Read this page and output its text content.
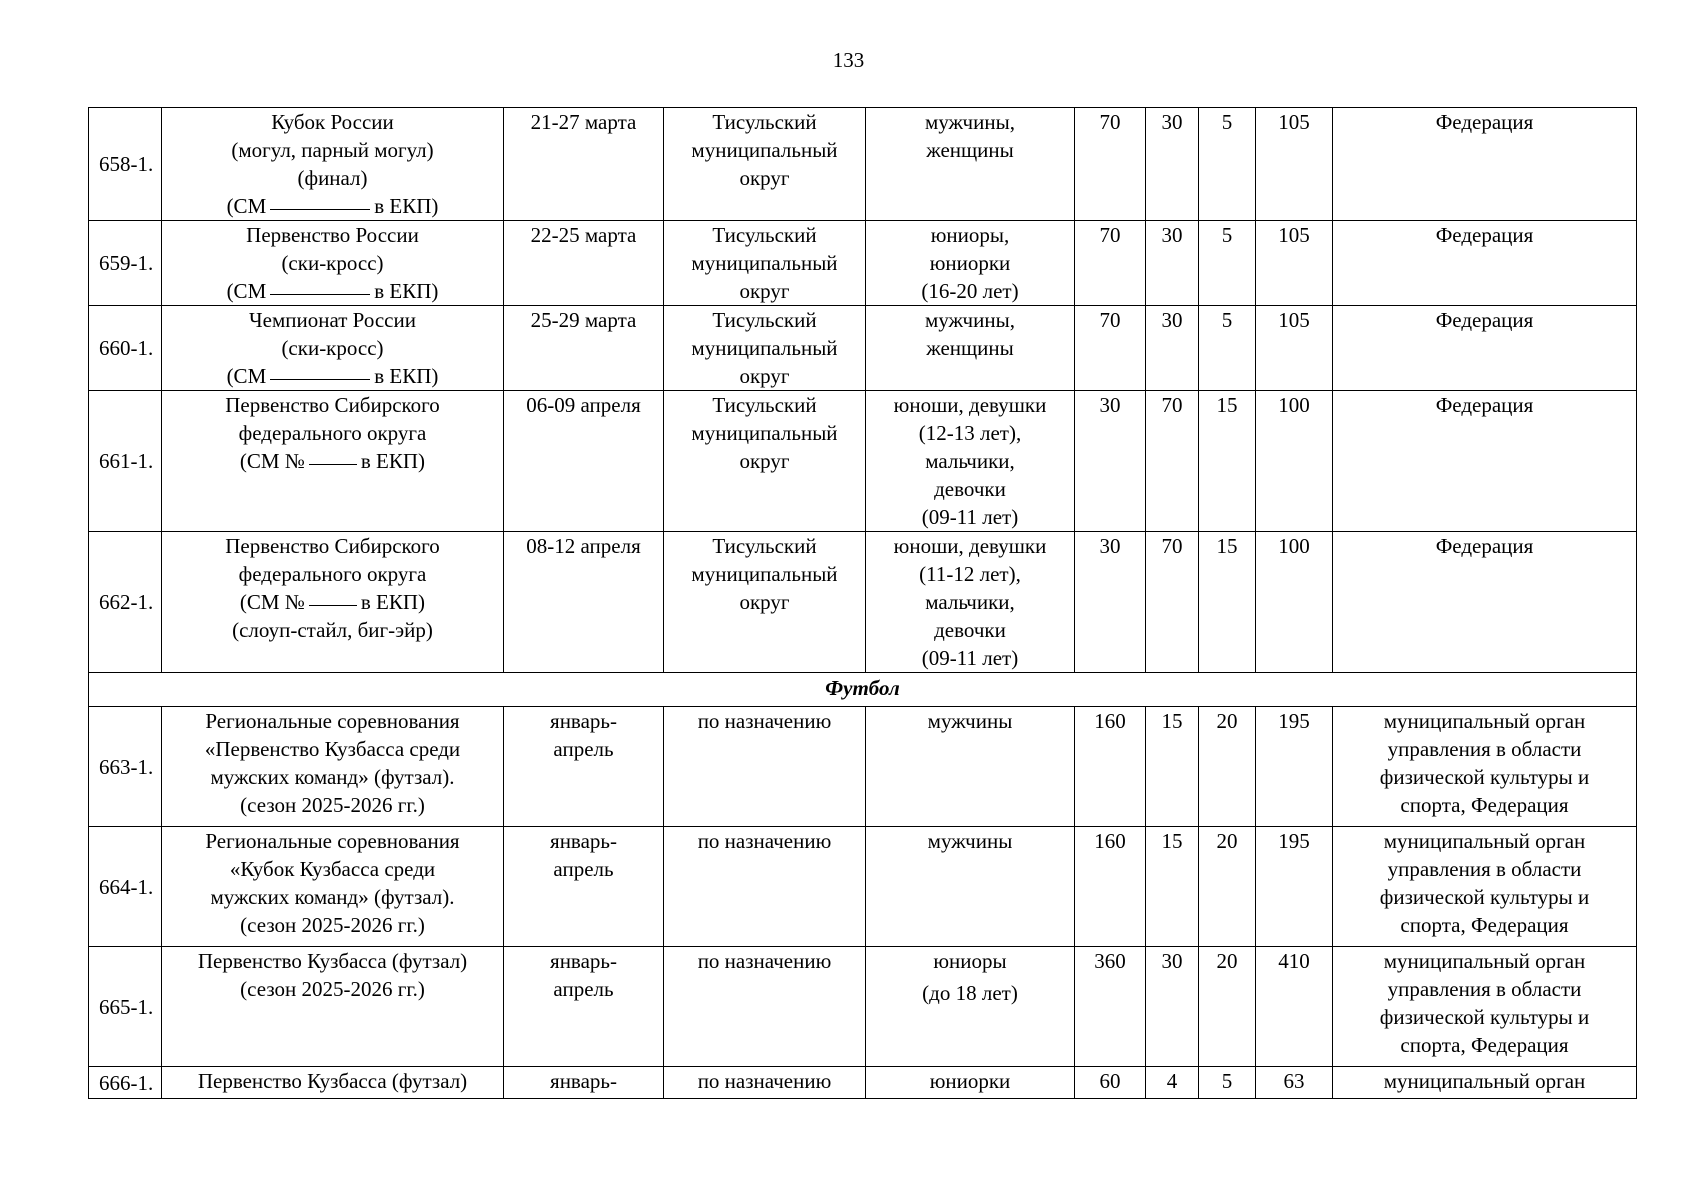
133
658-1.	Кубок России
(могул, парный могул)
(финал)
(СМ в ЕКП)	21-27 марта	Тисульский
муниципальный
округ	мужчины,
женщины	70	30	5	105	Федерация

659-1.	Первенство России
(ски-кросс)
(СМ в ЕКП)	22-25 марта	Тисульский
муниципальный
округ	юниоры,
юниорки
(16-20 лет)	70	30	5	105	Федерация

660-1.	Чемпионат России
(ски-кросс)
(СМ в ЕКП)	25-29 марта	Тисульский
муниципальный
округ	мужчины,
женщины	70	30	5	105	Федерация

661-1.	Первенство Сибирского
федерального округа
(СМ № в ЕКП)	06-09 апреля	Тисульский
муниципальный
округ	юноши, девушки
(12-13 лет),
мальчики,
девочки
(09-11 лет)	30	70	15	100	Федерация

662-1.	Первенство Сибирского
федерального округа
(СМ № в ЕКП)
(слоуп-стайл, биг-эйр)	08-12 апреля	Тисульский
муниципальный
округ	юноши, девушки
(11-12 лет),
мальчики,
девочки
(09-11 лет)	30	70	15	100	Федерация

Футбол									
663-1.	Региональные соревнования
«Первенство Кузбасса среди
мужских команд» (футзал).
(сезон 2025-2026 гг.)	январь-
апрель	по назначению	мужчины	160	15	20	195	муниципальный орган
управления в области
физической культуры и
спорта, Федерация

664-1.	Региональные соревнования
«Кубок Кузбасса среди
мужских команд» (футзал).
(сезон 2025-2026 гг.)	январь-
апрель	по назначению	мужчины	160	15	20	195	муниципальный орган
управления в области
физической культуры и
спорта, Федерация

665-1.	Первенство Кузбасса (футзал)
(сезон 2025-2026 гг.)	январь-
апрель	по назначению	юниоры
(до 18 лет)	360	30	20	410	муниципальный орган
управления в области
физической культуры и
спорта, Федерация

666-1.	Первенство Кузбасса (футзал)	январь-	по назначению	юниорки	60	4	5	63	муниципальный орган
